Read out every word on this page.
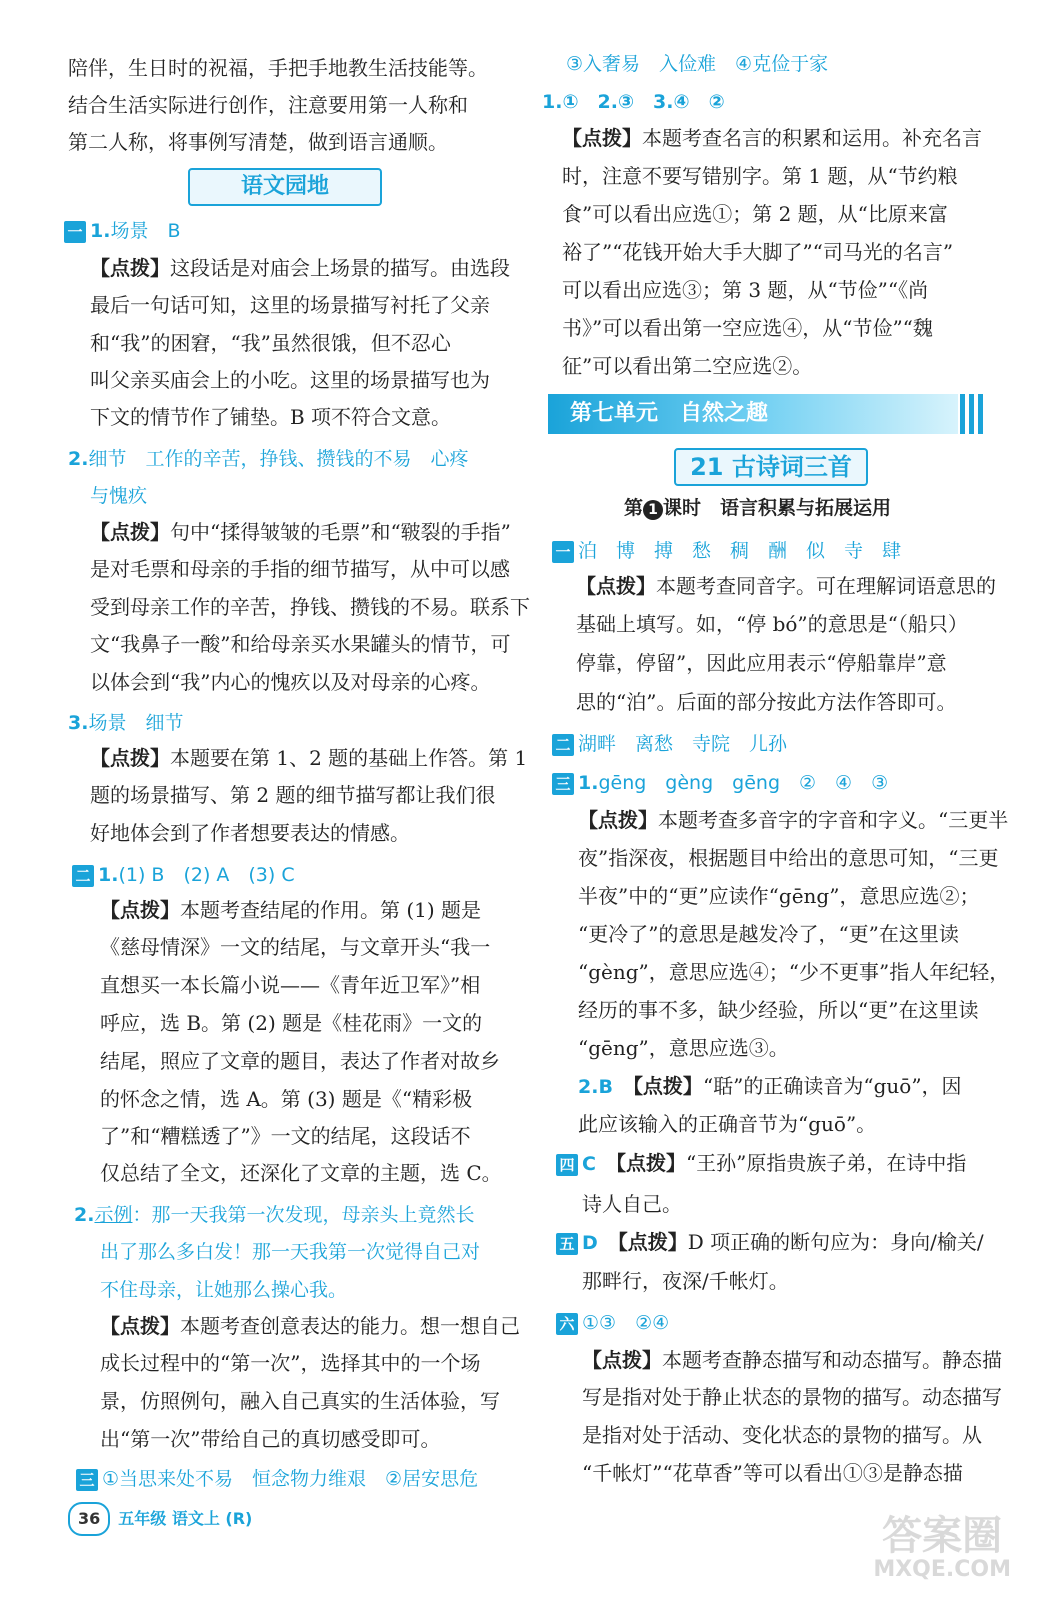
陪伴，生日时的祝福，手把手地教生活技能等。
结合生活实际进行创作，注意要用第一人称和
第二人称，将事例写清楚，做到语言通顺。
语文园地
一 1.场景　B
【点拨】这段话是对庙会上场景的描写。由选段
最后一句话可知，这里的场景描写衬托了父亲
和“我”的困窘，“我”虽然很饿，但不忍心
叫父亲买庙会上的小吃。这里的场景描写也为
下文的情节作了铺垫。B 项不符合文意。
2.细节　工作的辛苦，挣钱、攒钱的不易　心疼
与愧疚
【点拨】句中“揉得皱皱的毛票”和“皲裂的手指”
是对毛票和母亲的手指的细节描写，从中可以感
受到母亲工作的辛苦，挣钱、攒钱的不易。联系下
文“我鼻子一酸”和给母亲买水果罐头的情节，可
以体会到“我”内心的愧疚以及对母亲的心疼。
3.场景　细节
【点拨】本题要在第 1、2 题的基础上作答。第 1
题的场景描写、第 2 题的细节描写都让我们很
好地体会到了作者想要表达的情感。
二 1.(1) B　(2) A　(3) C
【点拨】本题考查结尾的作用。第 (1) 题是
《慈母情深》一文的结尾，与文章开头“我一
直想买一本长篇小说——《青年近卫军》”相
呼应，选 B。第 (2) 题是《桂花雨》一文的
结尾，照应了文章的题目，表达了作者对故乡
的怀念之情，选 A。第 (3) 题是《“精彩极
了”和“糟糕透了”》一文的结尾，这段话不
仅总结了全文，还深化了文章的主题，选 C。
2.示例：那一天我第一次发现，母亲头上竟然长
出了那么多白发！那一天我第一次觉得自己对
不住母亲，让她那么操心我。
【点拨】本题考查创意表达的能力。想一想自己
成长过程中的“第一次”，选择其中的一个场
景，仿照例句，融入自己真实的生活体验，写
出“第一次”带给自己的真切感受即可。
三 ①当思来处不易　恒念物力维艰　②居安思危
③入奢易　入俭难　④克俭于家
1.①　2.③　3.④　②
【点拨】本题考查名言的积累和运用。补充名言
时，注意不要写错别字。第 1 题，从“节约粮
食”可以看出应选①；第 2 题，从“比原来富
裕了”“花钱开始大手大脚了”“司马光的名言”
可以看出应选③；第 3 题，从“节俭”“《尚
书》”可以看出第一空应选④，从“节俭”“魏
征”可以看出第二空应选②。
第七单元　自然之趣
21 古诗词三首
第 1 课时　语言积累与拓展运用
一 泊　博　搏　愁　稠　酬　似　寺　肆
【点拨】本题考查同音字。可在理解词语意思的
基础上填写。如，“停 bó”的意思是“（船只）
停靠，停留”，因此应用表示“停船靠岸”意
思的“泊”。后面的部分按此方法作答即可。
二 湖畔　离愁　寺院　儿孙
三 1.gēng　gèng　gēng　②　④　③
【点拨】本题考查多音字的字音和字义。“三更半
夜”指深夜，根据题目中给出的意思可知，“三更
半夜”中的“更”应读作“gēng”，意思应选②；
“更冷了”的意思是越发冷了，“更”在这里读
“gèng”，意思应选④；“少不更事”指人年纪轻，
经历的事不多，缺少经验，所以“更”在这里读
“gēng”，意思应选③。
2.B　 【点拨】“聒”的正确读音为“guō”，因
此应该输入的正确音节为“guō”。
四 C　 【点拨】“王孙”原指贵族子弟，在诗中指
诗人自己。
五 D　 【点拨】D 项正确的断句应为：身向/榆关/
那畔行，夜深/千帐灯。
六 ①③　②④
【点拨】本题考查静态描写和动态描写。静态描
写是指对处于静止状态的景物的描写。动态描写
是指对处于活动、变化状态的景物的描写。从
“千帐灯”“花草香”等可以看出①③是静态描
36 五年级 语文上 (R)	答案圈
MXQE.COM
